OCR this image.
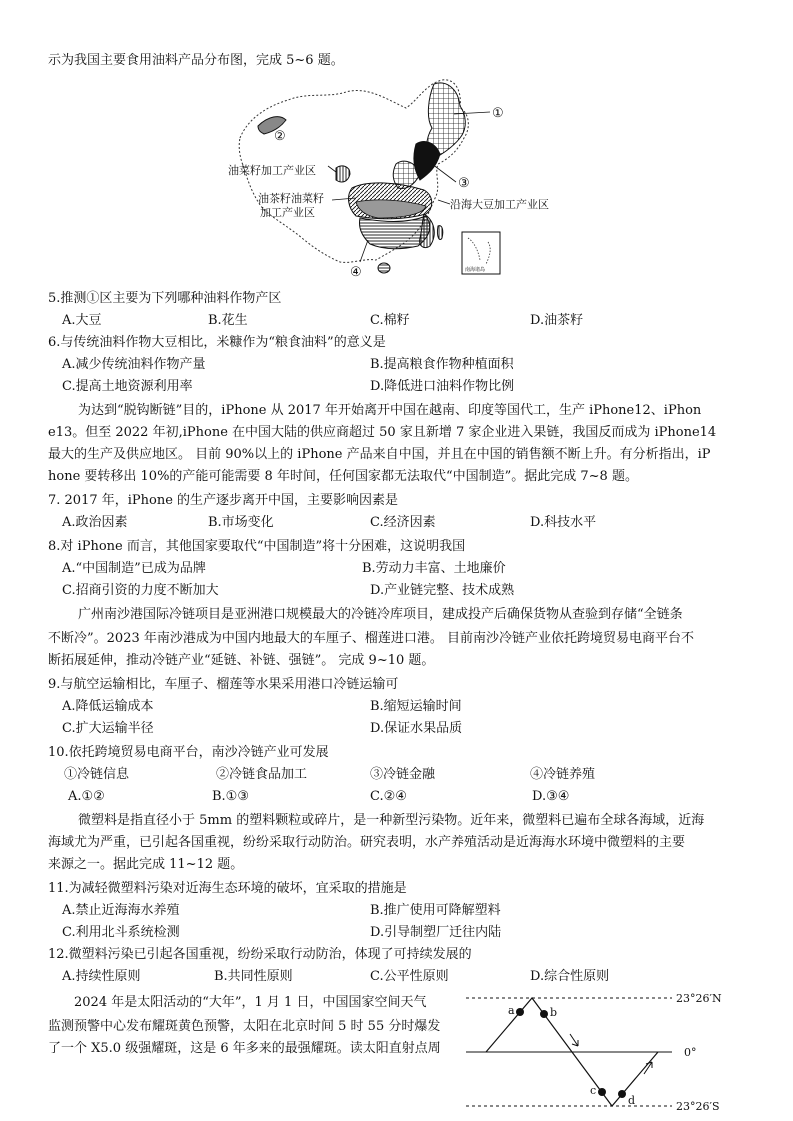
示为我国主要食用油料产品分布图，完成 5~6 题。
南海诸岛
①
②
③
④
油菜籽加工产业区
油茶籽油菜籽
加工产业区
沿海大豆加工产业区
5.推测①区主要为下列哪种油料作物产区
A.大豆	B.花生	C.棉籽	D.油茶籽
6.与传统油料作物大豆相比，米糠作为“粮食油料”的意义是
A.减少传统油料作物产量	B.提高粮食作物种植面积
C.提高土地资源利用率	D.降低进口油料作物比例
为达到“脱钩断链”目的，iPhone 从 2017 年开始离开中国在越南、印度等国代工，生产 iPhone12、iPhon
e13。但至 2022 年初,iPhone 在中国大陆的供应商超过 50 家且新增 7 家企业进入果链，我国反而成为 iPhone14
最大的生产及供应地区。 目前 90%以上的 iPhone 产品来自中国，并且在中国的销售额不断上升。有分析指出，iP
hone 要转移出 10%的产能可能需要 8 年时间，任何国家都无法取代“中国制造”。据此完成 7~8 题。
7. 2017 年，iPhone 的生产逐步离开中国，主要影响因素是
A.政治因素	B.市场变化	C.经济因素	D.科技水平
8.对 iPhone 而言，其他国家要取代“中国制造”将十分困难，这说明我国
A.“中国制造”已成为品牌	B.劳动力丰富、土地廉价
C.招商引资的力度不断加大	D.产业链完整、技术成熟
广州南沙港国际冷链项目是亚洲港口规模最大的冷链冷库项目，建成投产后确保货物从查验到存储“全链条
不断冷”。2023 年南沙港成为中国内地最大的车厘子、榴莲进口港。 目前南沙冷链产业依托跨境贸易电商平台不
断拓展延伸，推动冷链产业“延链、补链、强链”。 完成 9~10 题。
9.与航空运输相比，车厘子、榴莲等水果采用港口冷链运输可
A.降低运输成本	B.缩短运输时间
C.扩大运输半径	D.保证水果品质
10.依托跨境贸易电商平台，南沙冷链产业可发展
①冷链信息	②冷链食品加工	③冷链金融	④冷链养殖
A.①②	B.①③	C.②④	D.③④
微塑料是指直径小于 5mm 的塑料颗粒或碎片，是一种新型污染物。近年来，微塑料已遍布全球各海域，近海
海域尤为严重，已引起各国重视，纷纷采取行动防治。研究表明，水产养殖活动是近海海水环境中微塑料的主要
来源之一。据此完成 11~12 题。
11.为减轻微塑料污染对近海生态环境的破坏，宜采取的措施是
A.禁止近海海水养殖	B.推广使用可降解塑料
C.利用北斗系统检测	D.引导制塑厂迁往内陆
12.微塑料污染已引起各国重视，纷纷采取行动防治，体现了可持续发展的
A.持续性原则	B.共同性原则	C.公平性原则	D.综合性原则
2024 年是太阳活动的“大年”，1 月 1 日，中国国家空间天气
监测预警中心发布耀斑黄色预警，太阳在北京时间 5 时 55 分时爆发
了一个 X5.0 级强耀斑，这是 6 年多来的最强耀斑。读太阳直射点周
23°26′N
0°
23°26′S
a	b
c
d
